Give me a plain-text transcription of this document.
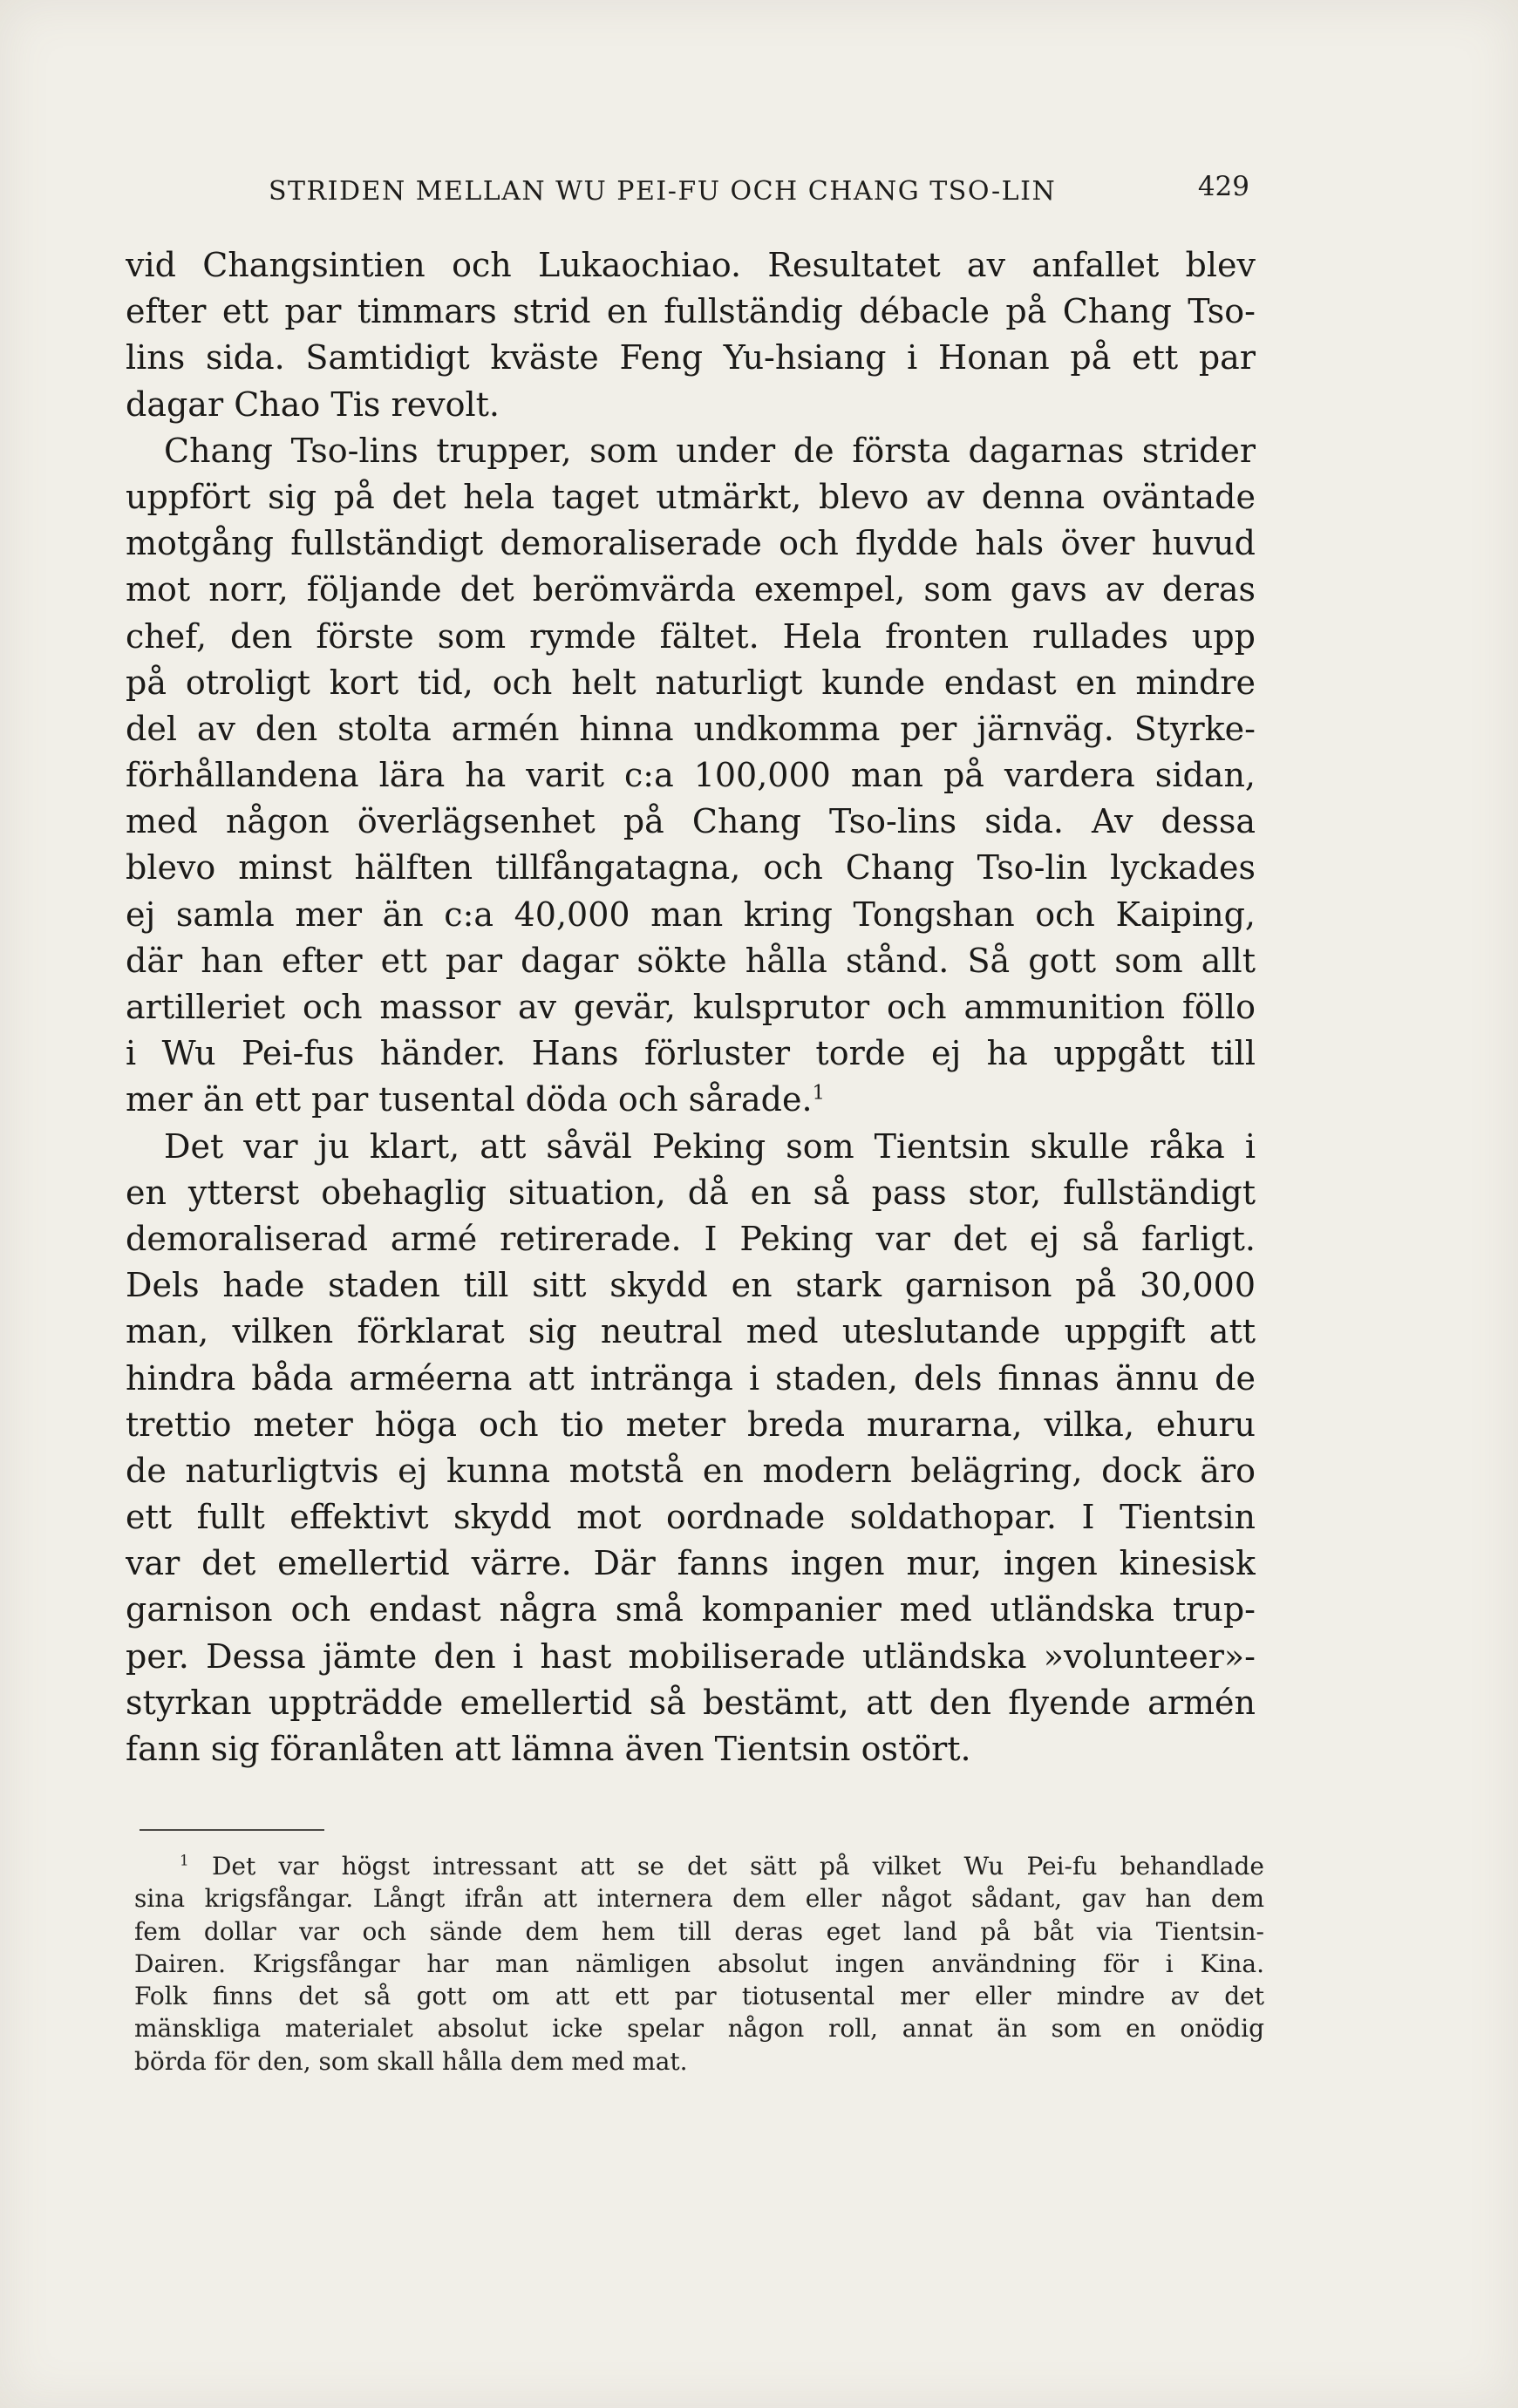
STRIDEN MELLAN WU PEI-FU OCH CHANG TSO-LIN	429
vid Changsintien och Lukaochiao. Resultatet av anfallet blev
efter ett par timmars strid en fullständig débacle på Chang Tso-
lins sida. Samtidigt kväste Feng Yu-hsiang i Honan på ett par
dagar Chao Tis revolt.
Chang Tso-lins trupper, som under de första dagarnas strider
uppfört sig på det hela taget utmärkt, blevo av denna oväntade
motgång fullständigt demoraliserade och flydde hals över huvud
mot norr, följande det berömvärda exempel, som gavs av deras
chef, den förste som rymde fältet. Hela fronten rullades upp
på otroligt kort tid, och helt naturligt kunde endast en mindre
del av den stolta armén hinna undkomma per järnväg. Styrke-
förhållandena lära ha varit c:a 100,000 man på vardera sidan,
med någon överlägsenhet på Chang Tso-lins sida. Av dessa
blevo minst hälften tillfångatagna, och Chang Tso-lin lyckades
ej samla mer än c:a 40,000 man kring Tongshan och Kaiping,
där han efter ett par dagar sökte hålla stånd. Så gott som allt
artilleriet och massor av gevär, kulsprutor och ammunition föllo
i Wu Pei-fus händer. Hans förluster torde ej ha uppgått till
mer än ett par tusental döda och sårade.$^1$
Det var ju klart, att såväl Peking som Tientsin skulle råka i
en ytterst obehaglig situation, då en så pass stor, fullständigt
demoraliserad armé retirerade. I Peking var det ej så farligt.
Dels hade staden till sitt skydd en stark garnison på 30,000
man, vilken förklarat sig neutral med uteslutande uppgift att
hindra båda arméerna att intränga i staden, dels finnas ännu de
trettio meter höga och tio meter breda murarna, vilka, ehuru
de naturligtvis ej kunna motstå en modern belägring, dock äro
ett fullt effektivt skydd mot oordnade soldathopar. I Tientsin
var det emellertid värre. Där fanns ingen mur, ingen kinesisk
garnison och endast några små kompanier med utländska trup-
per. Dessa jämte den i hast mobiliserade utländska »volunteer»-
styrkan uppträdde emellertid så bestämt, att den flyende armén
fann sig föranlåten att lämna även Tientsin ostört.
$^1$ Det var högst intressant att se det sätt på vilket Wu Pei-fu behandlade
sina krigsfångar. Långt ifrån att internera dem eller något sådant, gav han dem
fem dollar var och sände dem hem till deras eget land på båt via Tientsin-
Dairen. Krigsfångar har man nämligen absolut ingen användning för i Kina.
Folk finns det så gott om att ett par tiotusental mer eller mindre av det
mänskliga materialet absolut icke spelar någon roll, annat än som en onödig
börda för den, som skall hålla dem med mat.
